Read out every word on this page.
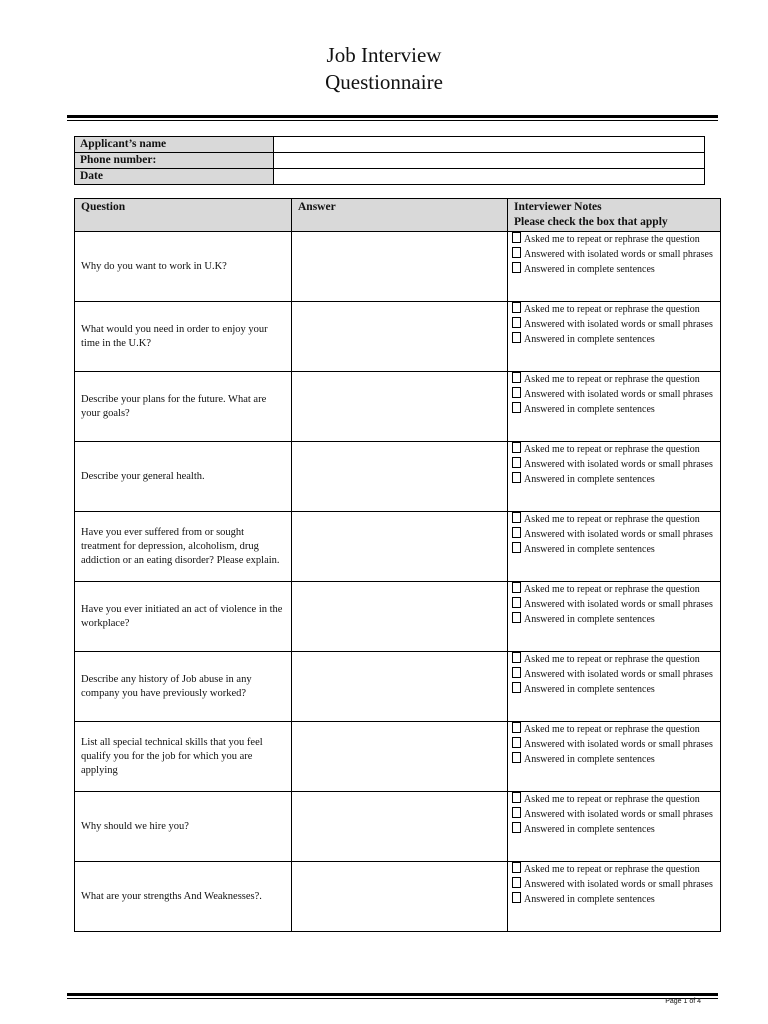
Job Interview
Questionnaire
Applicant’s name	
Phone number:	
Date	
Question	Answer	Interviewer Notes
Please check the box that apply

Why do you want to work in U.K?		Asked me to repeat or rephrase the question
Answered with isolated words or small phrases
Answered in complete sentences

What would you need in order to enjoy your time in the U.K?		Asked me to repeat or rephrase the question
Answered with isolated words or small phrases
Answered in complete sentences

Describe your plans for the future. What are your goals?		Asked me to repeat or rephrase the question
Answered with isolated words or small phrases
Answered in complete sentences

Describe your general health.		Asked me to repeat or rephrase the question
Answered with isolated words or small phrases
Answered in complete sentences

Have you ever suffered from or sought treatment for depression, alcoholism, drug addiction or an eating disorder? Please explain.		Asked me to repeat or rephrase the question
Answered with isolated words or small phrases
Answered in complete sentences

Have you ever initiated an act of violence in the workplace?		Asked me to repeat or rephrase the question
Answered with isolated words or small phrases
Answered in complete sentences

Describe any history of Job abuse in any company you have previously worked?		Asked me to repeat or rephrase the question
Answered with isolated words or small phrases
Answered in complete sentences

List all special technical skills that you feel qualify you for the job for which you are applying		Asked me to repeat or rephrase the question
Answered with isolated words or small phrases
Answered in complete sentences

Why should we hire you?		Asked me to repeat or rephrase the question
Answered with isolated words or small phrases
Answered in complete sentences

What are your strengths And Weaknesses?.		Asked me to repeat or rephrase the question
Answered with isolated words or small phrases
Answered in complete sentences
Page 1 of 4
